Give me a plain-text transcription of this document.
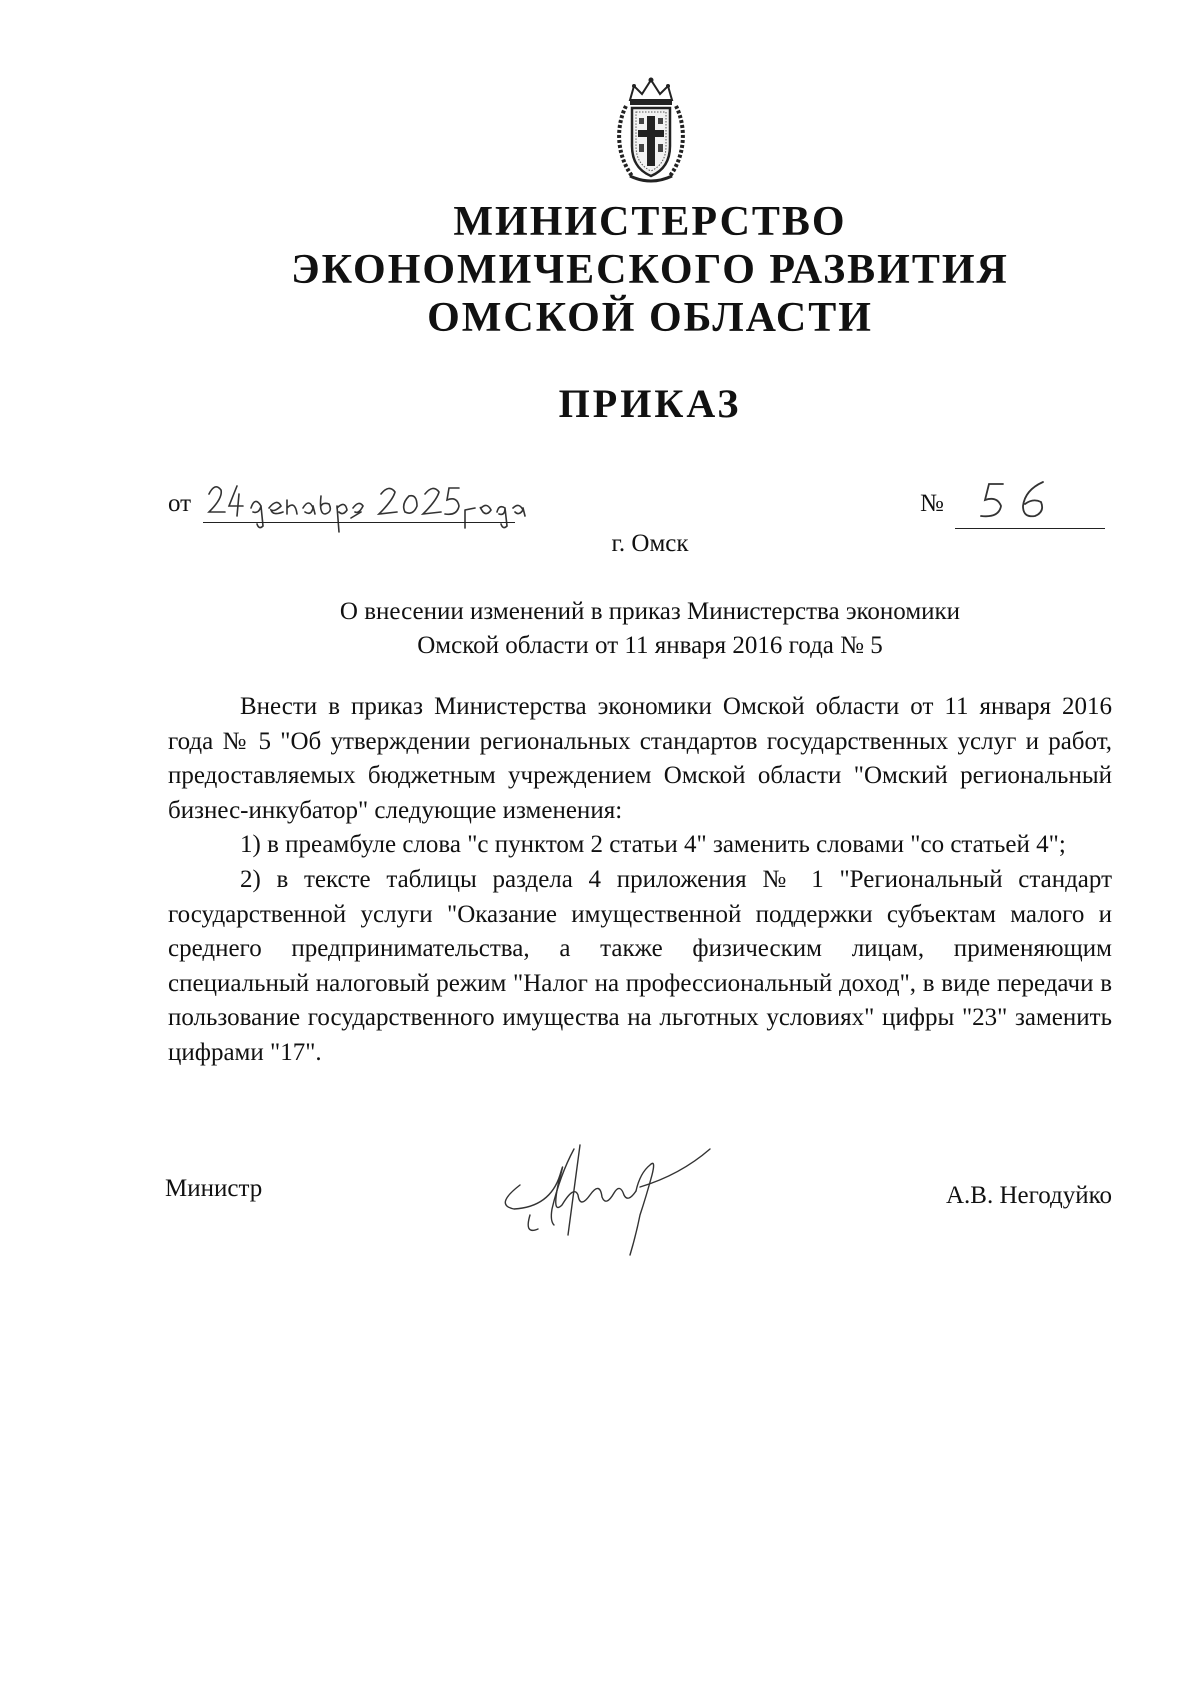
МИНИСТЕРСТВО
ЭКОНОМИЧЕСКОГО РАЗВИТИЯ
ОМСКОЙ ОБЛАСТИ
ПРИКАЗ
от	№
г. Омск
О внесении изменений в приказ Министерства экономики
Омской области от 11 января 2016 года № 5

Внести в приказ Министерства экономики Омской области от 11 января 2016 года № 5 "Об утверждении региональных стандартов государственных услуг и работ, предоставляемых бюджетным учреждением Омской области "Омский региональный бизнес-инкубатор" следующие изменения:

1) в преамбуле слова "с пунктом 2 статьи 4" заменить словами "со статьей 4";

2) в тексте таблицы раздела 4 приложения № 1 "Региональный стандарт государственной услуги "Оказание имущественной поддержки субъектам малого и среднего предпринимательства, а также физическим лицам, применяющим специальный налоговый режим "Налог на профессиональный доход", в виде передачи в пользование государственного имущества на льготных условиях" цифры "23" заменить цифрами "17".

Министр	А.В. Негодуйко
